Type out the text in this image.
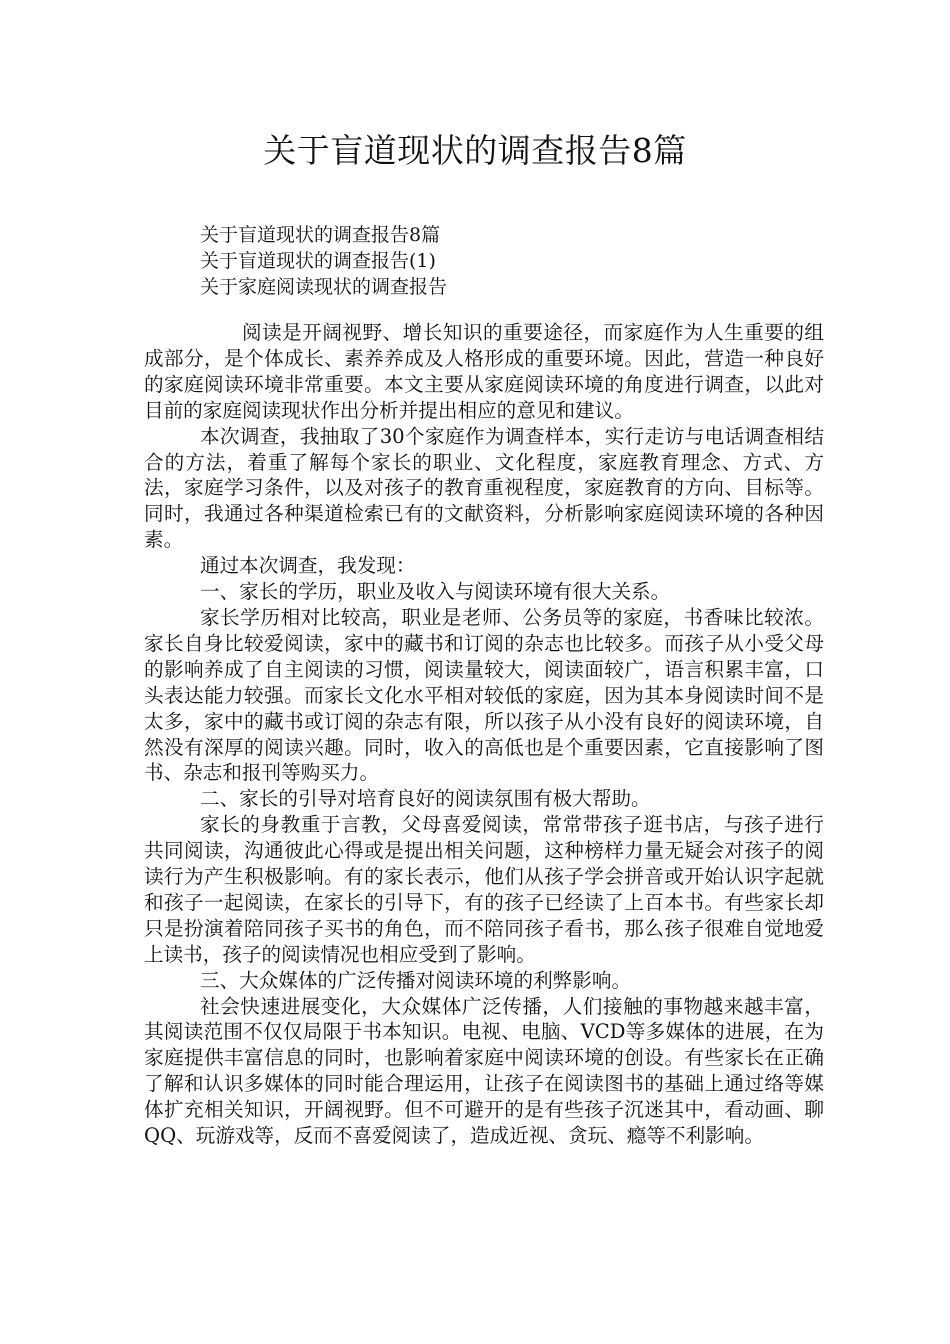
关于盲道现状的调查报告8篇
关于盲道现状的调查报告8篇
关于盲道现状的调查报告(1)
关于家庭阅读现状的调查报告

阅读是开阔视野、增长知识的重要途径，而家庭作为人生重要的组成部分，是个体成长、素养养成及人格形成的重要环境。因此，营造一种良好的家庭阅读环境非常重要。本文主要从家庭阅读环境的角度进行调查，以此对目前的家庭阅读现状作出分析并提出相应的意见和建议。

本次调查，我抽取了30个家庭作为调查样本，实行走访与电话调查相结合的方法，着重了解每个家长的职业、文化程度，家庭教育理念、方式、方法，家庭学习条件，以及对孩子的教育重视程度，家庭教育的方向、目标等。同时，我通过各种渠道检索已有的文献资料，分析影响家庭阅读环境的各种因素。

通过本次调查，我发现：

一、家长的学历，职业及收入与阅读环境有很大关系。

家长学历相对比较高，职业是老师、公务员等的家庭，书香味比较浓。家长自身比较爱阅读，家中的藏书和订阅的杂志也比较多。而孩子从小受父母的影响养成了自主阅读的习惯，阅读量较大，阅读面较广，语言积累丰富，口头表达能力较强。而家长文化水平相对较低的家庭，因为其本身阅读时间不是太多，家中的藏书或订阅的杂志有限，所以孩子从小没有良好的阅读环境，自然没有深厚的阅读兴趣。同时，收入的高低也是个重要因素，它直接影响了图书、杂志和报刊等购买力。

二、家长的引导对培育良好的阅读氛围有极大帮助。

家长的身教重于言教，父母喜爱阅读，常常带孩子逛书店，与孩子进行共同阅读，沟通彼此心得或是提出相关问题，这种榜样力量无疑会对孩子的阅读行为产生积极影响。有的家长表示，他们从孩子学会拼音或开始认识字起就和孩子一起阅读，在家长的引导下，有的孩子已经读了上百本书。有些家长却只是扮演着陪同孩子买书的角色，而不陪同孩子看书，那么孩子很难自觉地爱上读书，孩子的阅读情况也相应受到了影响。

三、大众媒体的广泛传播对阅读环境的利弊影响。

社会快速进展变化，大众媒体广泛传播，人们接触的事物越来越丰富，其阅读范围不仅仅局限于书本知识。电视、电脑、VCD等多媒体的进展，在为家庭提供丰富信息的同时，也影响着家庭中阅读环境的创设。有些家长在正确了解和认识多媒体的同时能合理运用，让孩子在阅读图书的基础上通过络等媒体扩充相关知识，开阔视野。但不可避开的是有些孩子沉迷其中，看动画、聊QQ、玩游戏等，反而不喜爱阅读了，造成近视、贪玩、瘾等不利影响。
